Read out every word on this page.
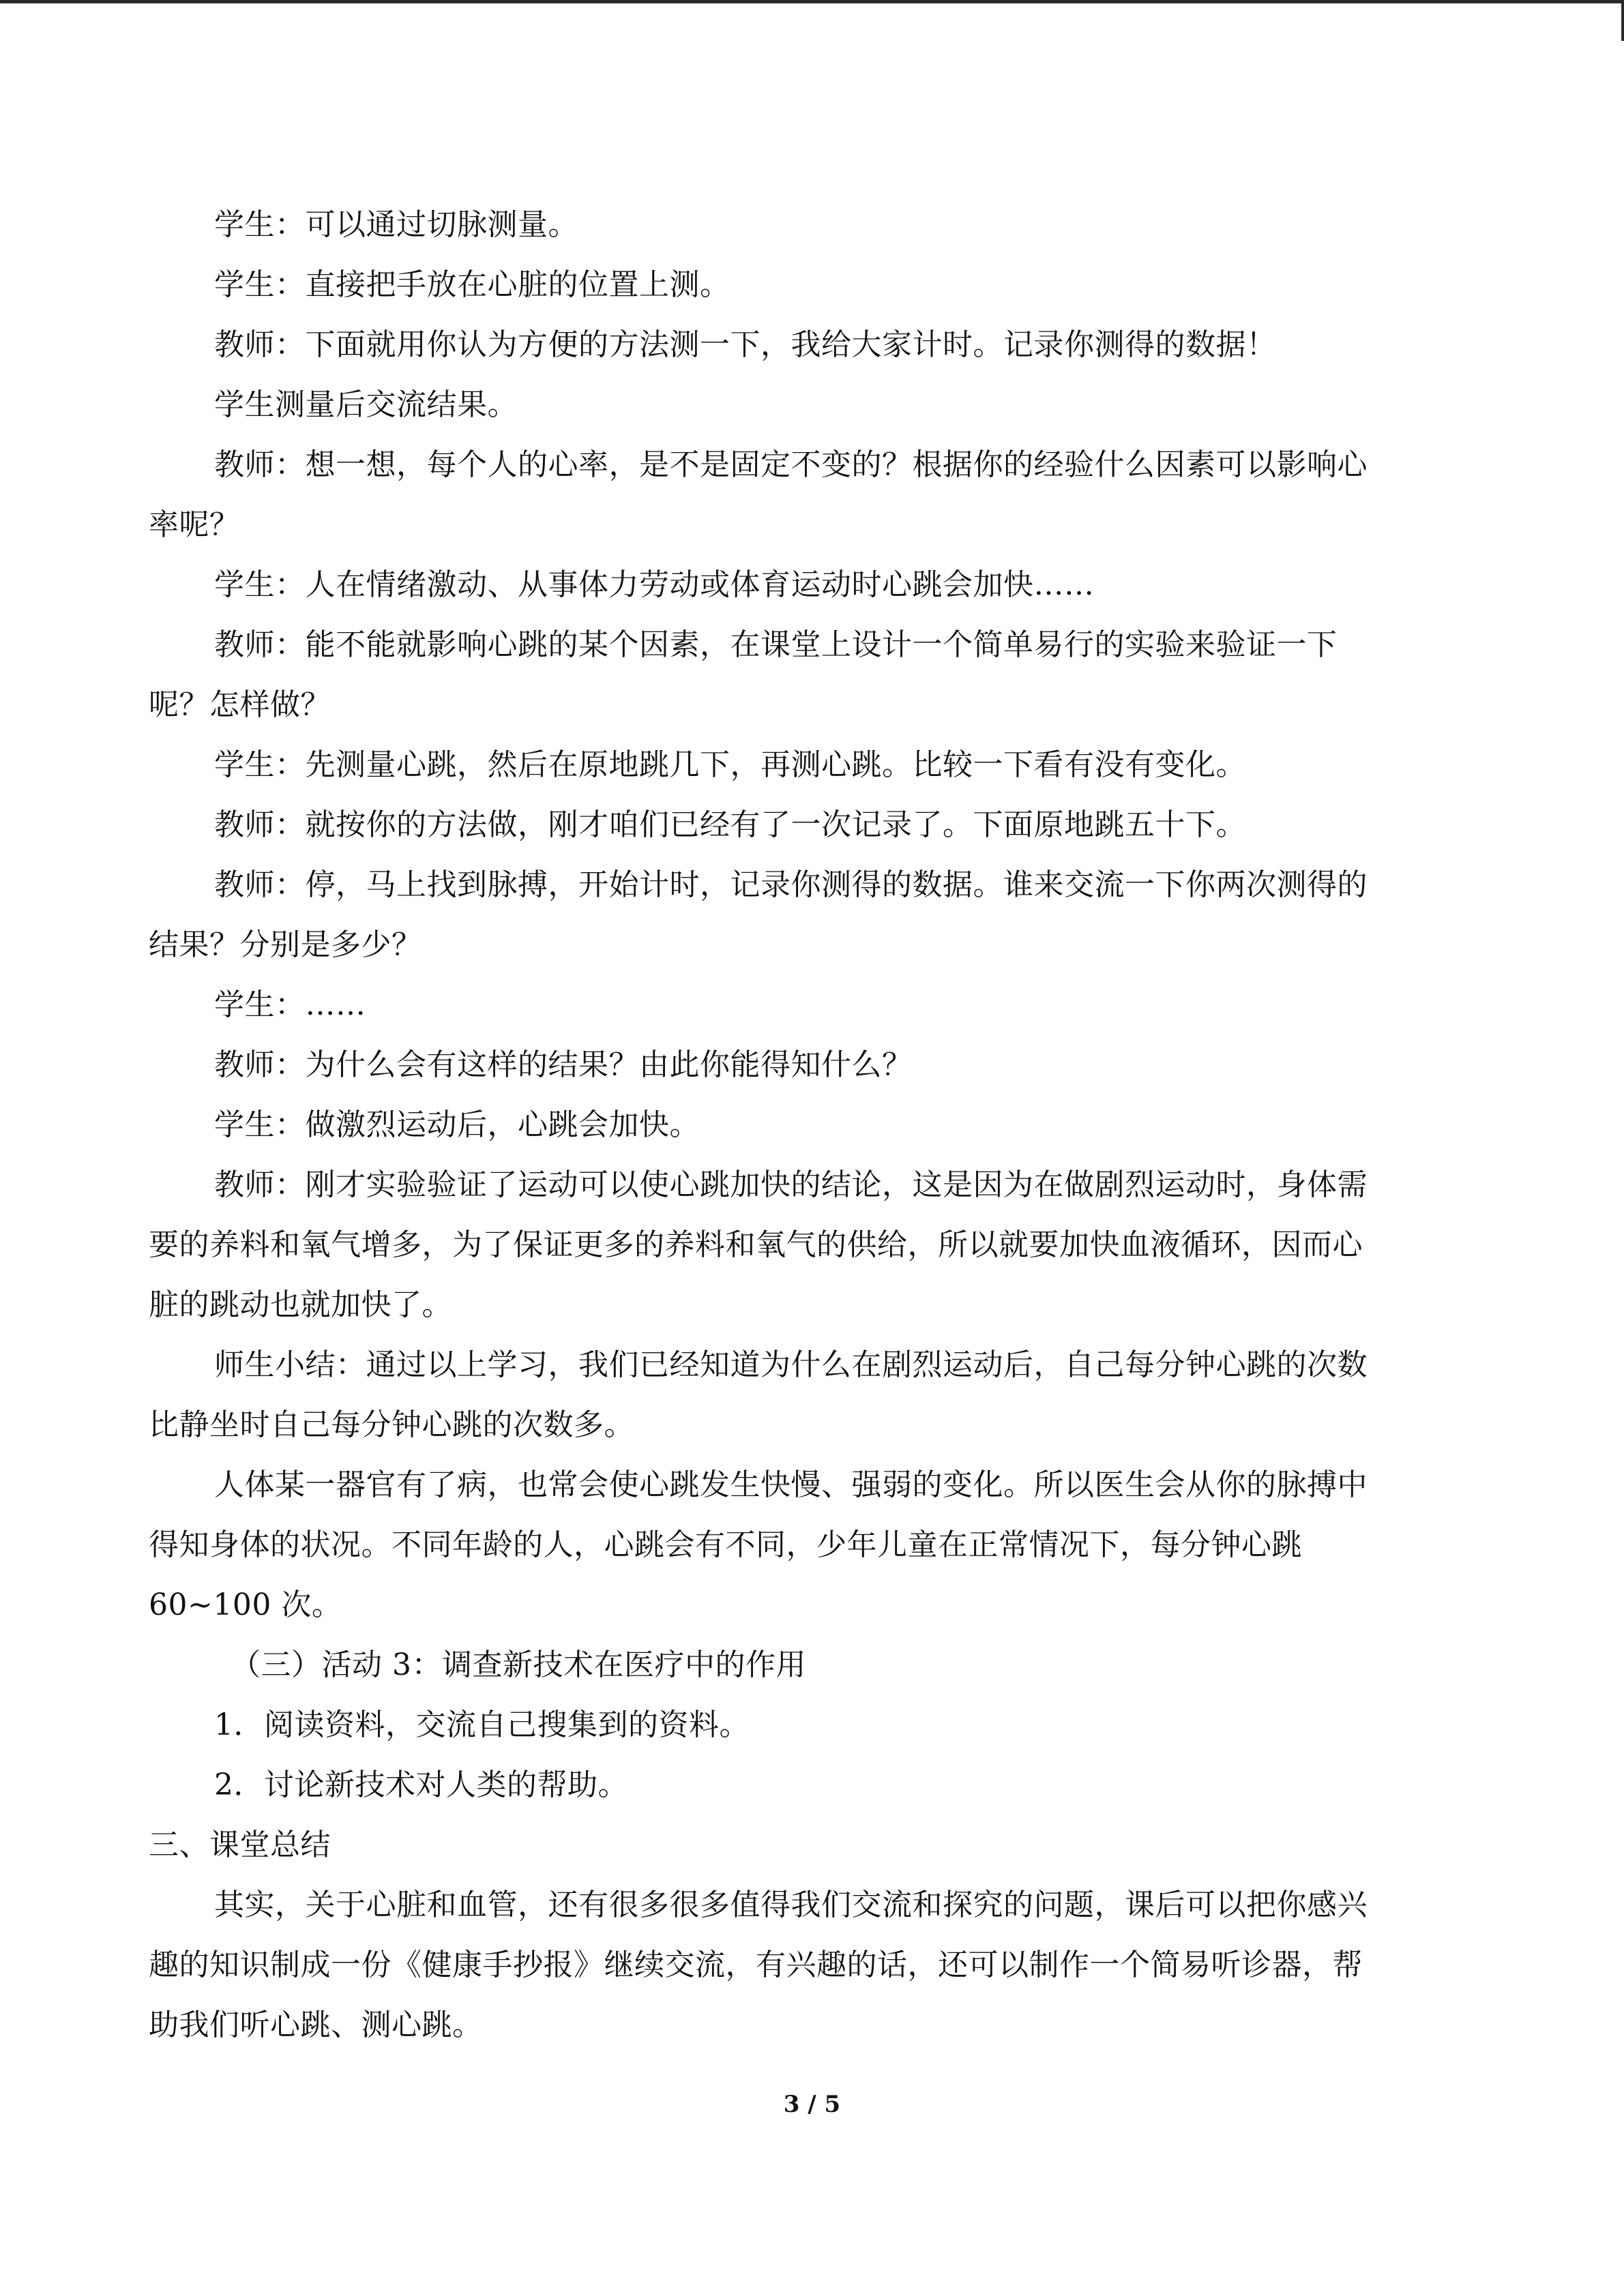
学生：可以通过切脉测量。
学生：直接把手放在心脏的位置上测。
教师：下面就用你认为方便的方法测一下，我给大家计时。记录你测得的数据！
学生测量后交流结果。
教师：想一想，每个人的心率，是不是固定不变的？根据你的经验什么因素可以影响心
率呢？
学生：人在情绪激动、从事体力劳动或体育运动时心跳会加快……
教师：能不能就影响心跳的某个因素，在课堂上设计一个简单易行的实验来验证一下
呢？怎样做？
学生：先测量心跳，然后在原地跳几下，再测心跳。比较一下看有没有变化。
教师：就按你的方法做，刚才咱们已经有了一次记录了。下面原地跳五十下。
教师：停，马上找到脉搏，开始计时，记录你测得的数据。谁来交流一下你两次测得的
结果？分别是多少？
学生：……
教师：为什么会有这样的结果？由此你能得知什么？
学生：做激烈运动后，心跳会加快。
教师：刚才实验验证了运动可以使心跳加快的结论，这是因为在做剧烈运动时，身体需
要的养料和氧气增多，为了保证更多的养料和氧气的供给，所以就要加快血液循环，因而心
脏的跳动也就加快了。
师生小结：通过以上学习，我们已经知道为什么在剧烈运动后，自己每分钟心跳的次数
比静坐时自己每分钟心跳的次数多。
人体某一器官有了病，也常会使心跳发生快慢、强弱的变化。所以医生会从你的脉搏中
得知身体的状况。不同年龄的人，心跳会有不同，少年儿童在正常情况下，每分钟心跳
60~100 次。
（三）活动 3：调查新技术在医疗中的作用
1．阅读资料，交流自己搜集到的资料。
2．讨论新技术对人类的帮助。
三、课堂总结
其实，关于心脏和血管，还有很多很多值得我们交流和探究的问题，课后可以把你感兴
趣的知识制成一份《健康手抄报》继续交流，有兴趣的话，还可以制作一个简易听诊器，帮
助我们听心跳、测心跳。
3 / 5
